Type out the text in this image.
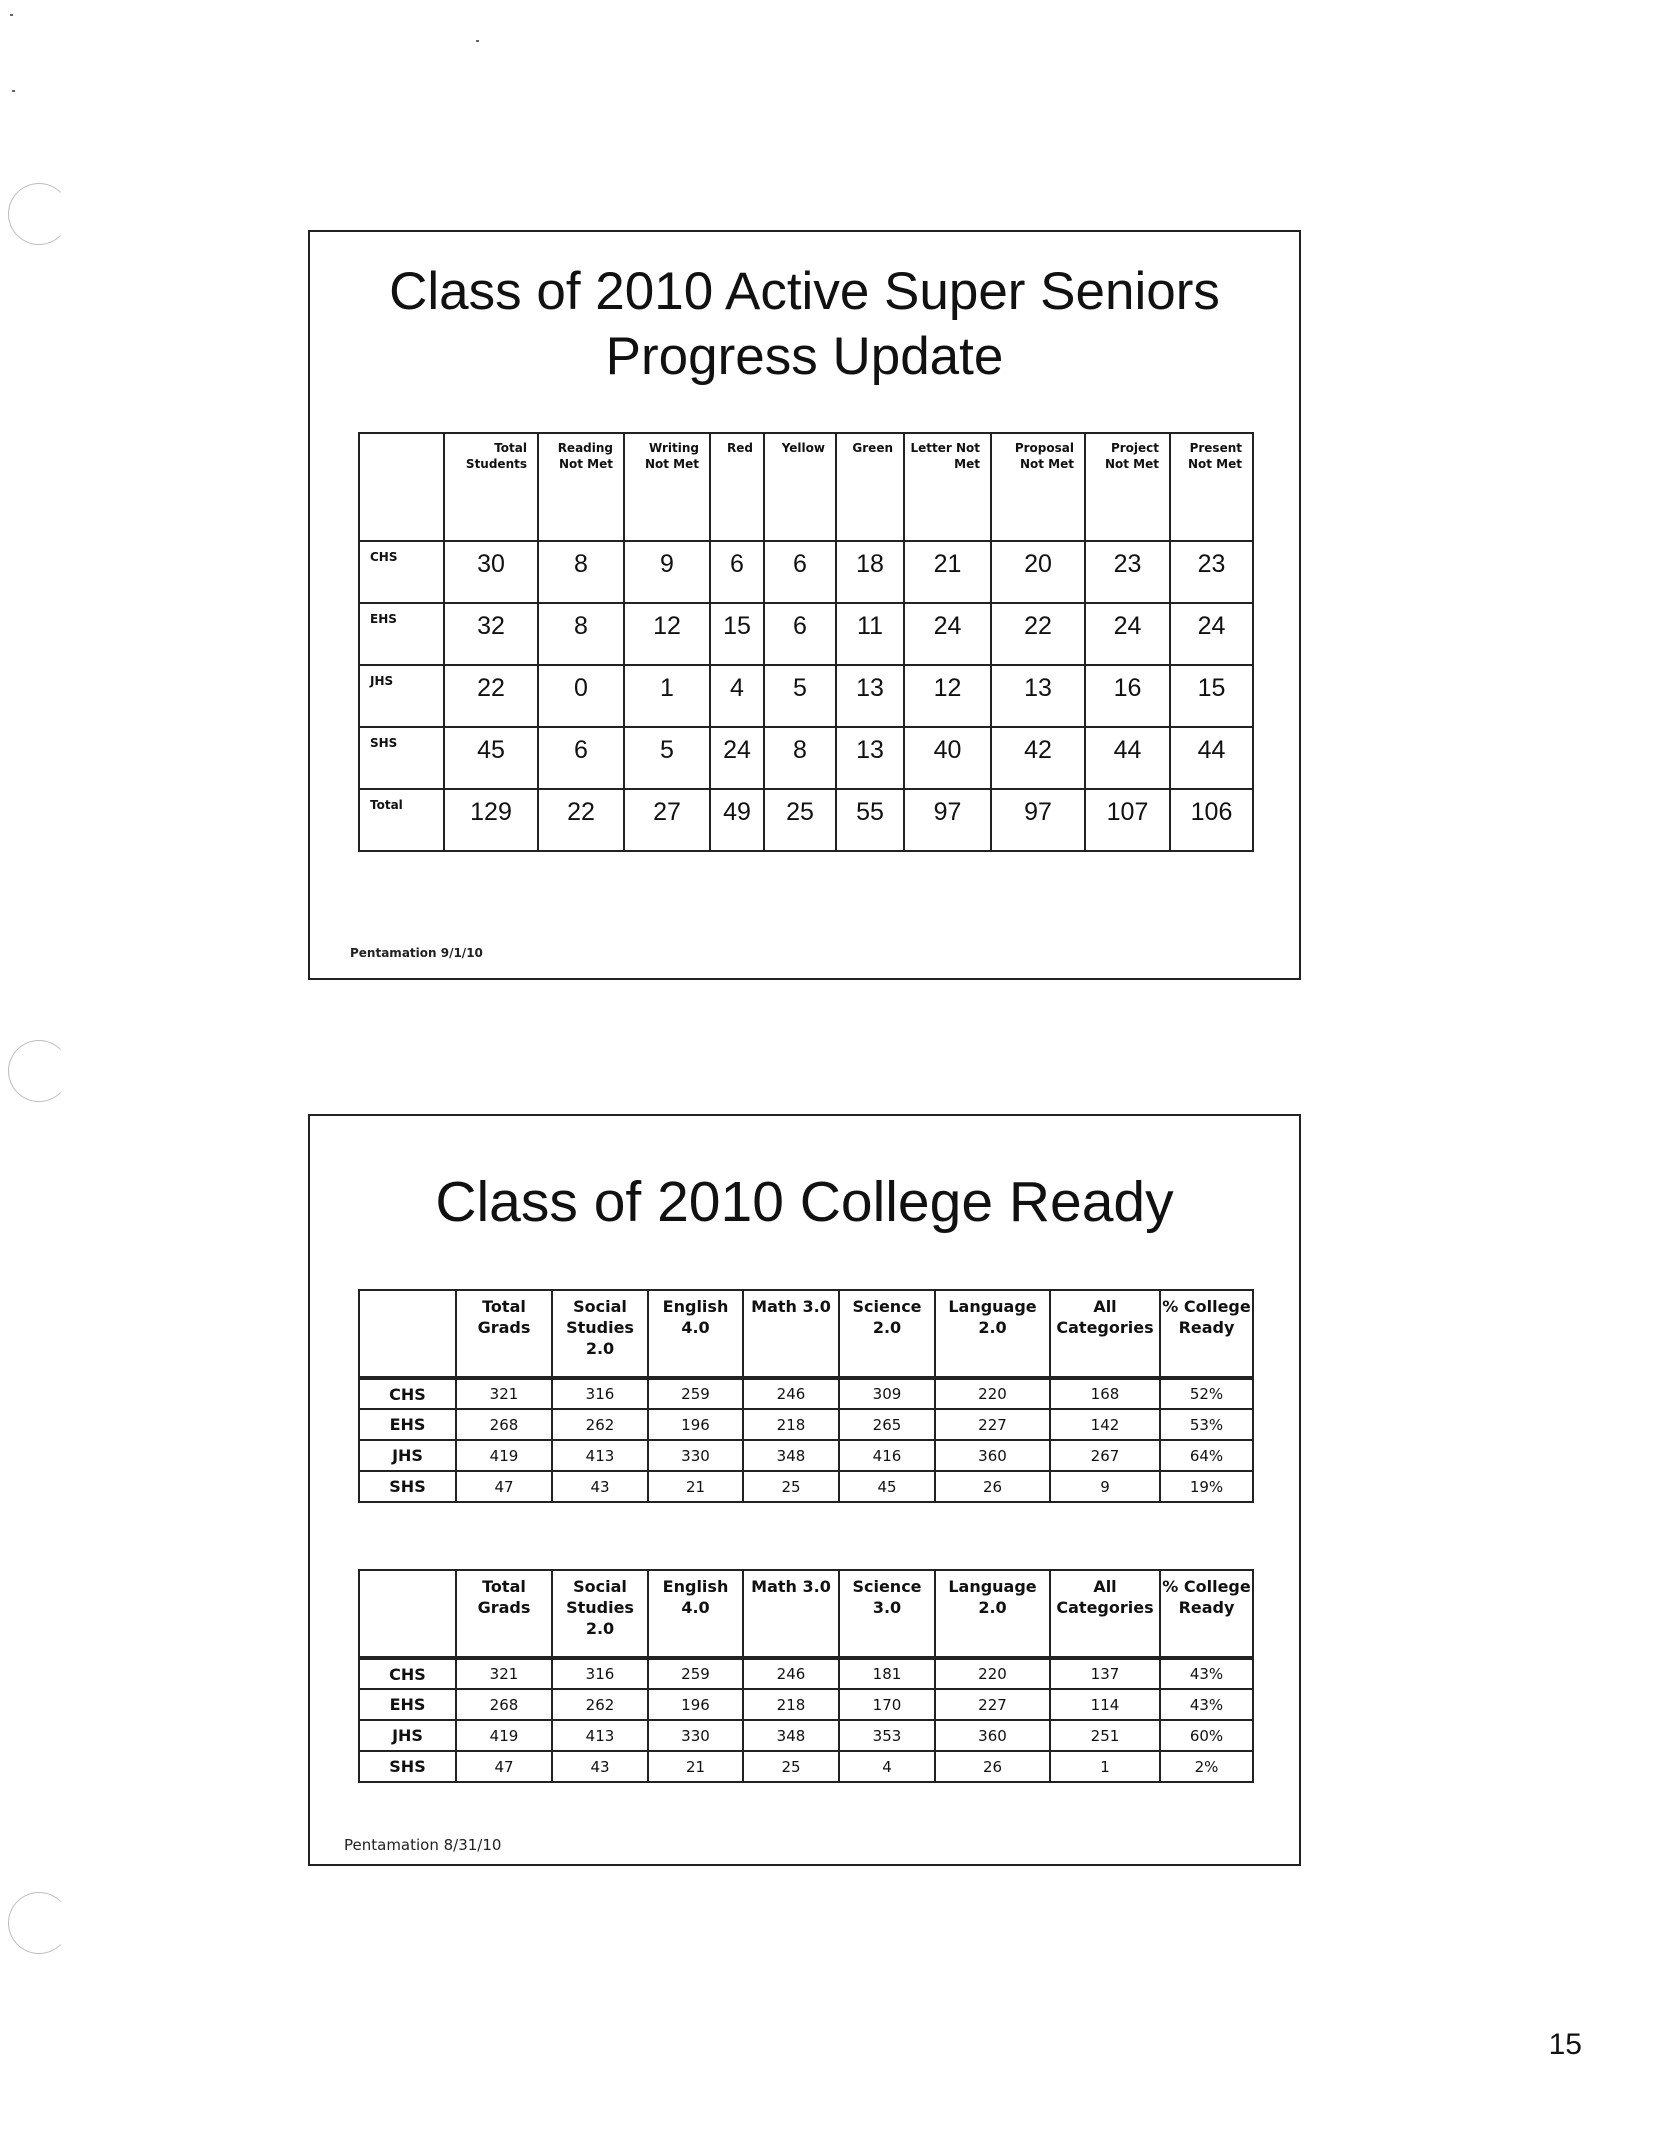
Class of 2010 Active Super Seniors
Progress Update
	Total Students	Reading Not Met	Writing Not Met	Red	Yellow	Green	Letter Not Met	Proposal Not Met	Project Not Met	Present Not Met
CHS	30	8	9	6	6	18	21	20	23	23
EHS	32	8	12	15	6	11	24	22	24	24
JHS	22	0	1	4	5	13	12	13	16	15
SHS	45	6	5	24	8	13	40	42	44	44
Total	129	22	27	49	25	55	97	97	107	106
Pentamation 9/1/10
Class of 2010 College Ready
	Total Grads	Social Studies 2.0	English 4.0	Math 3.0	Science 2.0	Language 2.0	All Categories	% College Ready
CHS	321	316	259	246	309	220	168	52%
EHS	268	262	196	218	265	227	142	53%
JHS	419	413	330	348	416	360	267	64%
SHS	47	43	21	25	45	26	9	19%
	Total Grads	Social Studies 2.0	English 4.0	Math 3.0	Science 3.0	Language 2.0	All Categories	% College Ready
CHS	321	316	259	246	181	220	137	43%
EHS	268	262	196	218	170	227	114	43%
JHS	419	413	330	348	353	360	251	60%
SHS	47	43	21	25	4	26	1	2%
Pentamation 8/31/10
15
